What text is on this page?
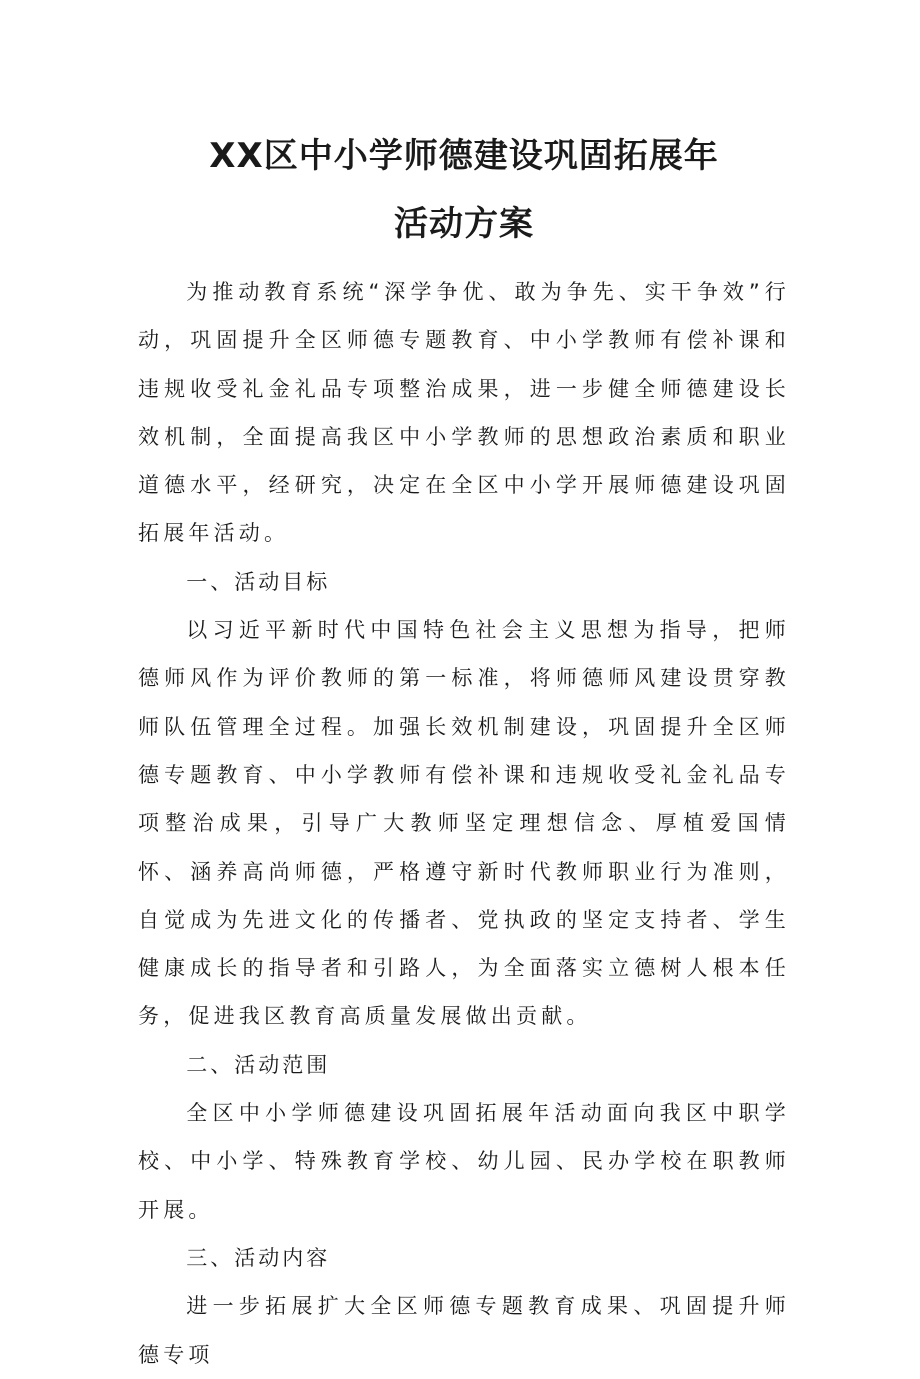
XX区中小学师德建设巩固拓展年
活动方案

为推动教育系统“深学争优、敢为争先、实干争效”行动，巩固提升全区师德专题教育、中小学教师有偿补课和违规收受礼金礼品专项整治成果，进一步健全师德建设长效机制，全面提高我区中小学教师的思想政治素质和职业道德水平，经研究，决定在全区中小学开展师德建设巩固拓展年活动。

一、活动目标

以习近平新时代中国特色社会主义思想为指导，把师德师风作为评价教师的第一标准，将师德师风建设贯穿教师队伍管理全过程。加强长效机制建设，巩固提升全区师德专题教育、中小学教师有偿补课和违规收受礼金礼品专项整治成果，引导广大教师坚定理想信念、厚植爱国情怀、涵养高尚师德，严格遵守新时代教师职业行为准则，自觉成为先进文化的传播者、党执政的坚定支持者、学生健康成长的指导者和引路人，为全面落实立德树人根本任务，促进我区教育高质量发展做出贡献。

二、活动范围

全区中小学师德建设巩固拓展年活动面向我区中职学校、中小学、特殊教育学校、幼儿园、民办学校在职教师开展。

三、活动内容

进一步拓展扩大全区师德专题教育成果、巩固提升师德专项
